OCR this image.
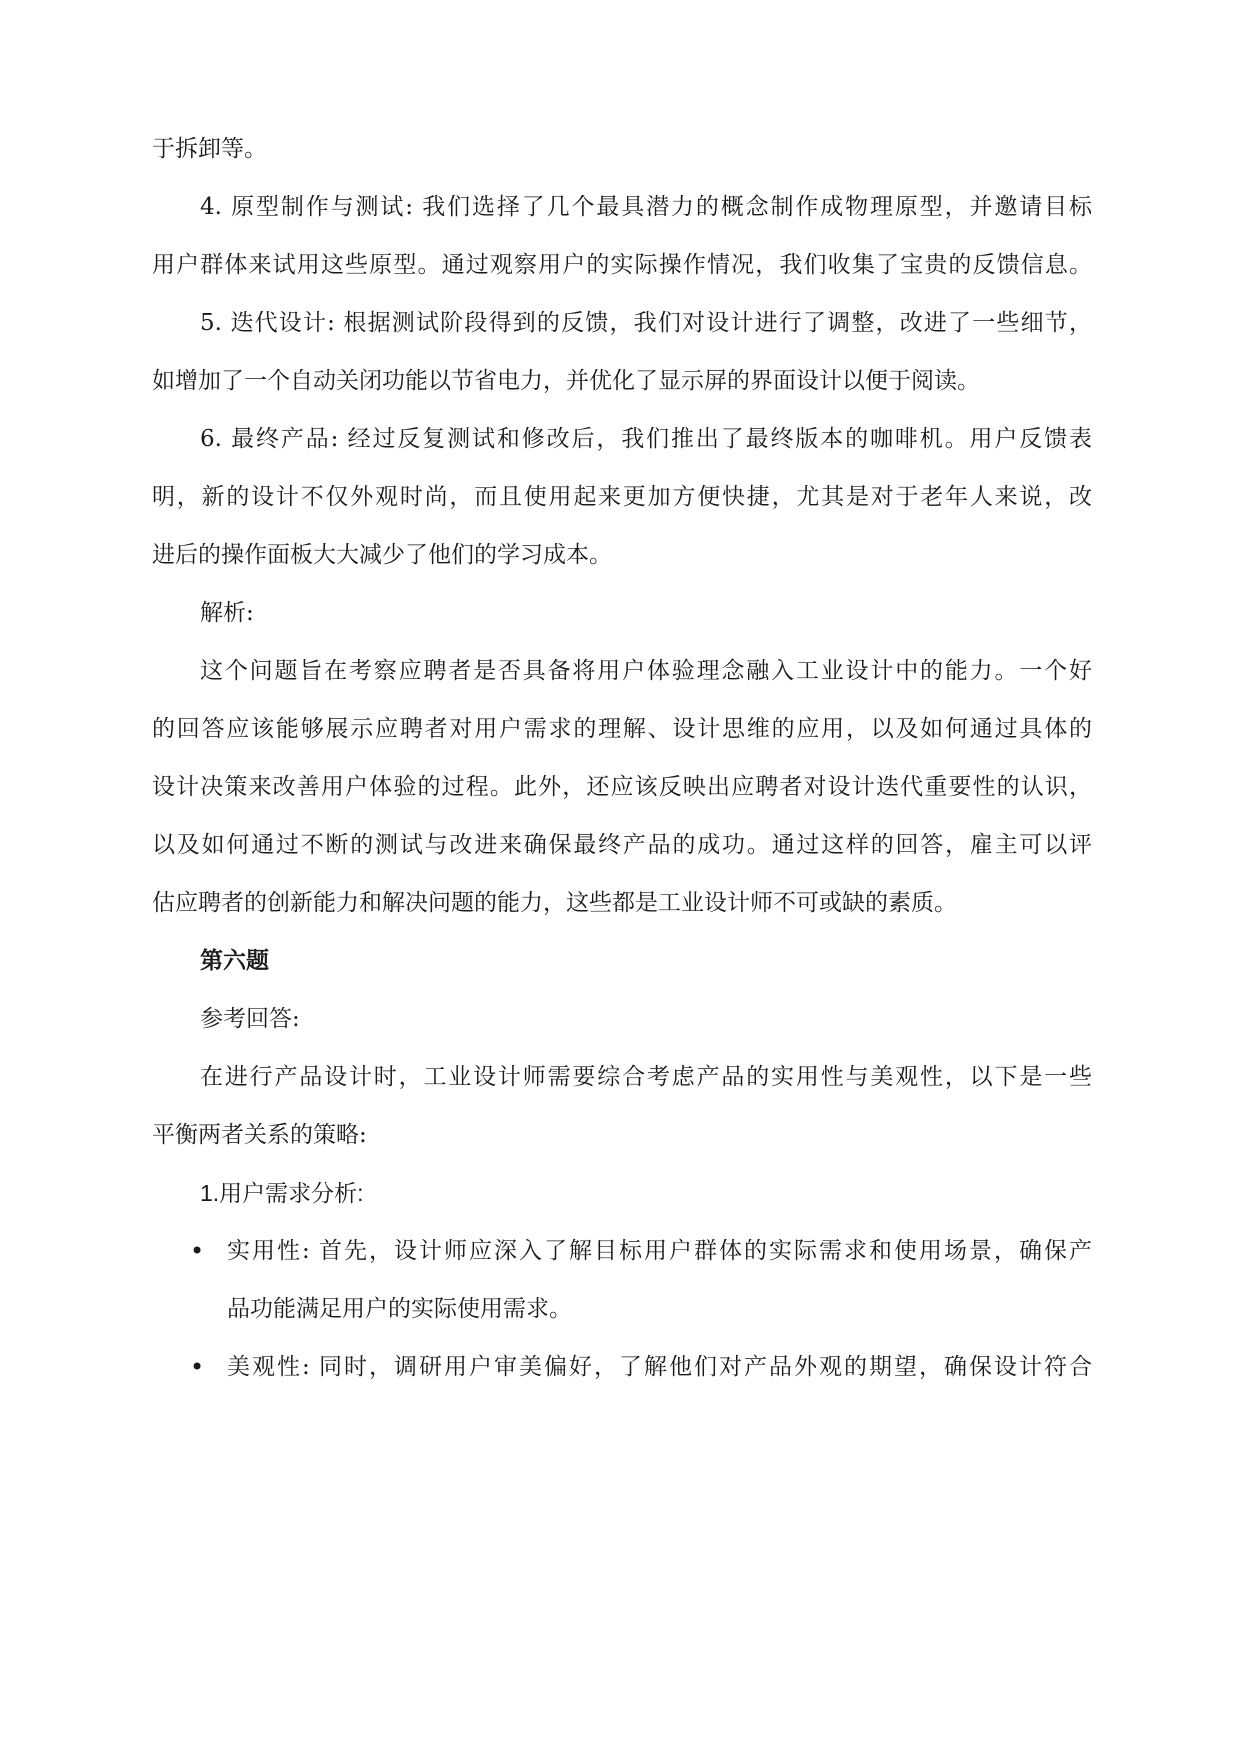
于拆卸等。
4. 原型制作与测试: 我们选择了几个最具潜力的概念制作成物理原型，并邀请目标
用户群体来试用这些原型。通过观察用户的实际操作情况，我们收集了宝贵的反馈信息。
5. 迭代设计: 根据测试阶段得到的反馈，我们对设计进行了调整，改进了一些细节，
如增加了一个自动关闭功能以节省电力，并优化了显示屏的界面设计以便于阅读。
6. 最终产品: 经过反复测试和修改后，我们推出了最终版本的咖啡机。用户反馈表
明，新的设计不仅外观时尚，而且使用起来更加方便快捷，尤其是对于老年人来说，改
进后的操作面板大大减少了他们的学习成本。
解析:
这个问题旨在考察应聘者是否具备将用户体验理念融入工业设计中的能力。一个好
的回答应该能够展示应聘者对用户需求的理解、设计思维的应用，以及如何通过具体的
设计决策来改善用户体验的过程。此外，还应该反映出应聘者对设计迭代重要性的认识，
以及如何通过不断的测试与改进来确保最终产品的成功。通过这样的回答，雇主可以评
估应聘者的创新能力和解决问题的能力，这些都是工业设计师不可或缺的素质。
第六题
参考回答:
在进行产品设计时，工业设计师需要综合考虑产品的实用性与美观性，以下是一些
平衡两者关系的策略:
1.用户需求分析:
• 实用性: 首先，设计师应深入了解目标用户群体的实际需求和使用场景，确保产
品功能满足用户的实际使用需求。
• 美观性: 同时，调研用户审美偏好，了解他们对产品外观的期望，确保设计符合
